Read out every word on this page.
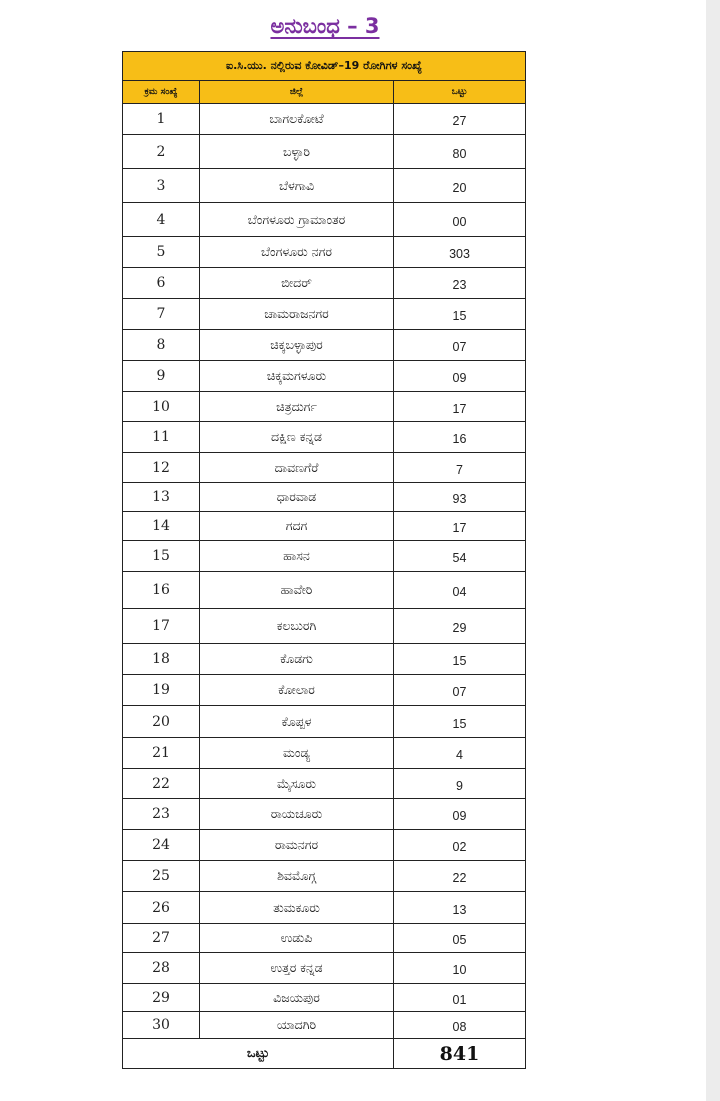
ಅನುಬಂಧ – 3
ಐ.ಸಿ.ಯು. ನಲ್ಲಿರುವ ಕೋವಿಡ್–19 ರೋಗಿಗಳ ಸಂಖ್ಯೆ		
ಕ್ರಮ ಸಂಖ್ಯೆ	ಜಿಲ್ಲೆ	ಒಟ್ಟು
1	ಬಾಗಲಕೋಟೆ	27
2	ಬಳ್ಳಾರಿ	80
3	ಬೆಳಗಾವಿ	20
4	ಬೆಂಗಳೂರು ಗ್ರಾಮಾಂತರ	00
5	ಬೆಂಗಳೂರು ನಗರ	303
6	ಬೀದರ್	23
7	ಚಾಮರಾಜನಗರ	15
8	ಚಿಕ್ಕಬಳ್ಳಾಪುರ	07
9	ಚಿಕ್ಕಮಗಳೂರು	09
10	ಚಿತ್ರದುರ್ಗ	17
11	ದಕ್ಷಿಣ ಕನ್ನಡ	16
12	ದಾವಣಗೆರೆ	7
13	ಧಾರವಾಡ	93
14	ಗದಗ	17
15	ಹಾಸನ	54
16	ಹಾವೇರಿ	04
17	ಕಲಬುರಗಿ	29
18	ಕೊಡಗು	15
19	ಕೋಲಾರ	07
20	ಕೊಪ್ಪಳ	15
21	ಮಂಡ್ಯ	4
22	ಮೈಸೂರು	9
23	ರಾಯಚೂರು	09
24	ರಾಮನಗರ	02
25	ಶಿವಮೊಗ್ಗ	22
26	ತುಮಕೂರು	13
27	ಉಡುಪಿ	05
28	ಉತ್ತರ ಕನ್ನಡ	10
29	ವಿಜಯಪುರ	01
30	ಯಾದಗಿರಿ	08
ಒಟ್ಟು		841
